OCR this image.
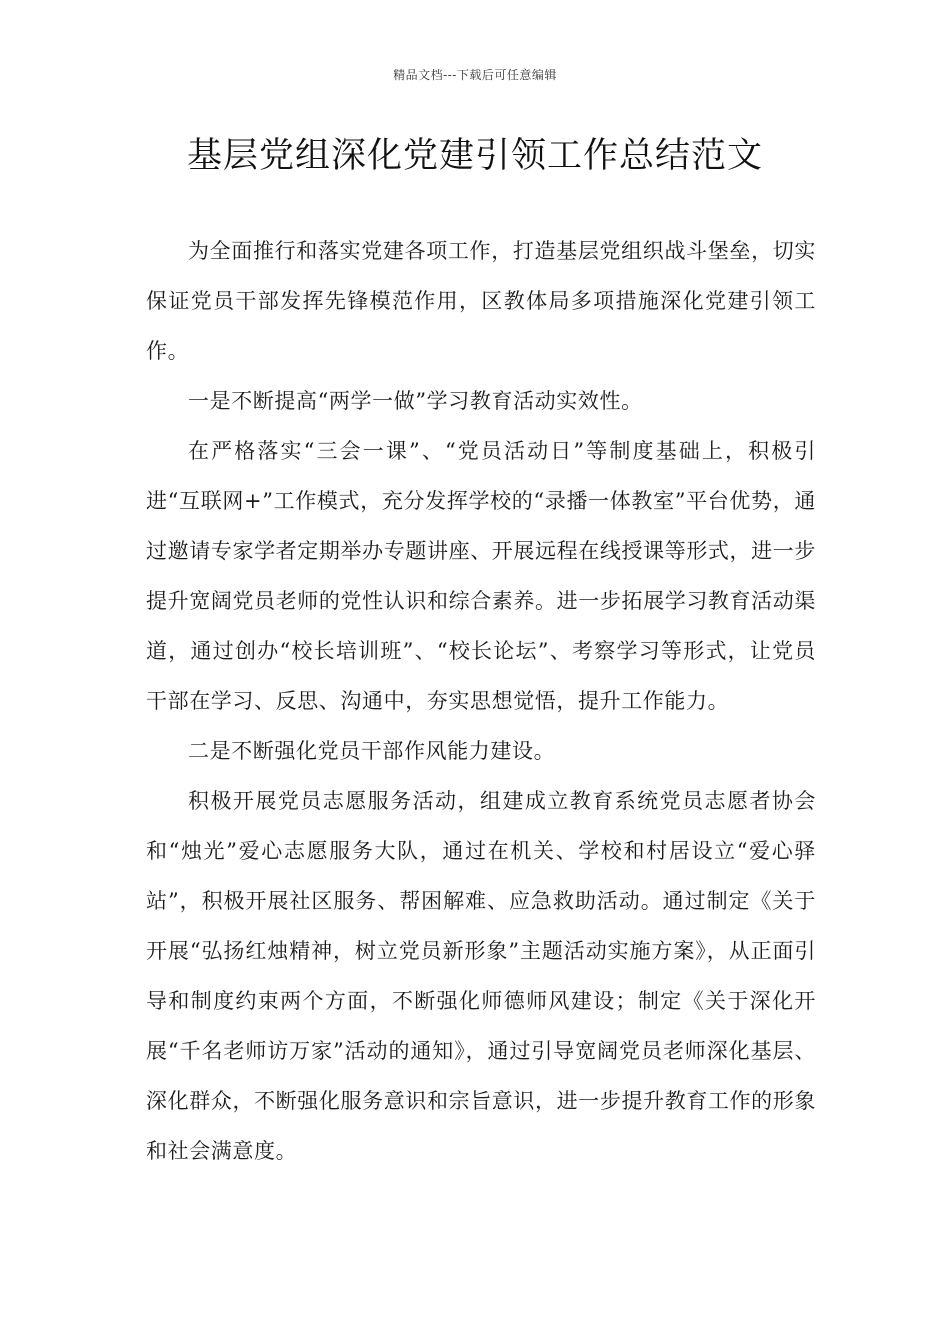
精品文档---下载后可任意编辑
基层党组深化党建引领工作总结范文

为全面推行和落实党建各项工作，打造基层党组织战斗堡垒，切实保证党员干部发挥先锋模范作用，区教体局多项措施深化党建引领工作。

一是不断提高“两学一做”学习教育活动实效性。

在严格落实“三会一课”、“党员活动日”等制度基础上，积极引进“互联网+”工作模式，充分发挥学校的“录播一体教室”平台优势，通过邀请专家学者定期举办专题讲座、开展远程在线授课等形式，进一步提升宽阔党员老师的党性认识和综合素养。进一步拓展学习教育活动渠道，通过创办“校长培训班”、“校长论坛”、考察学习等形式，让党员干部在学习、反思、沟通中，夯实思想觉悟，提升工作能力。

二是不断强化党员干部作风能力建设。

积极开展党员志愿服务活动，组建成立教育系统党员志愿者协会和“烛光”爱心志愿服务大队，通过在机关、学校和村居设立“爱心驿站”，积极开展社区服务、帮困解难、应急救助活动。通过制定《关于开展“弘扬红烛精神，树立党员新形象”主题活动实施方案》，从正面引导和制度约束两个方面，不断强化师德师风建设；制定《关于深化开展“千名老师访万家”活动的通知》，通过引导宽阔党员老师深化基层、深化群众，不断强化服务意识和宗旨意识，进一步提升教育工作的形象和社会满意度。
